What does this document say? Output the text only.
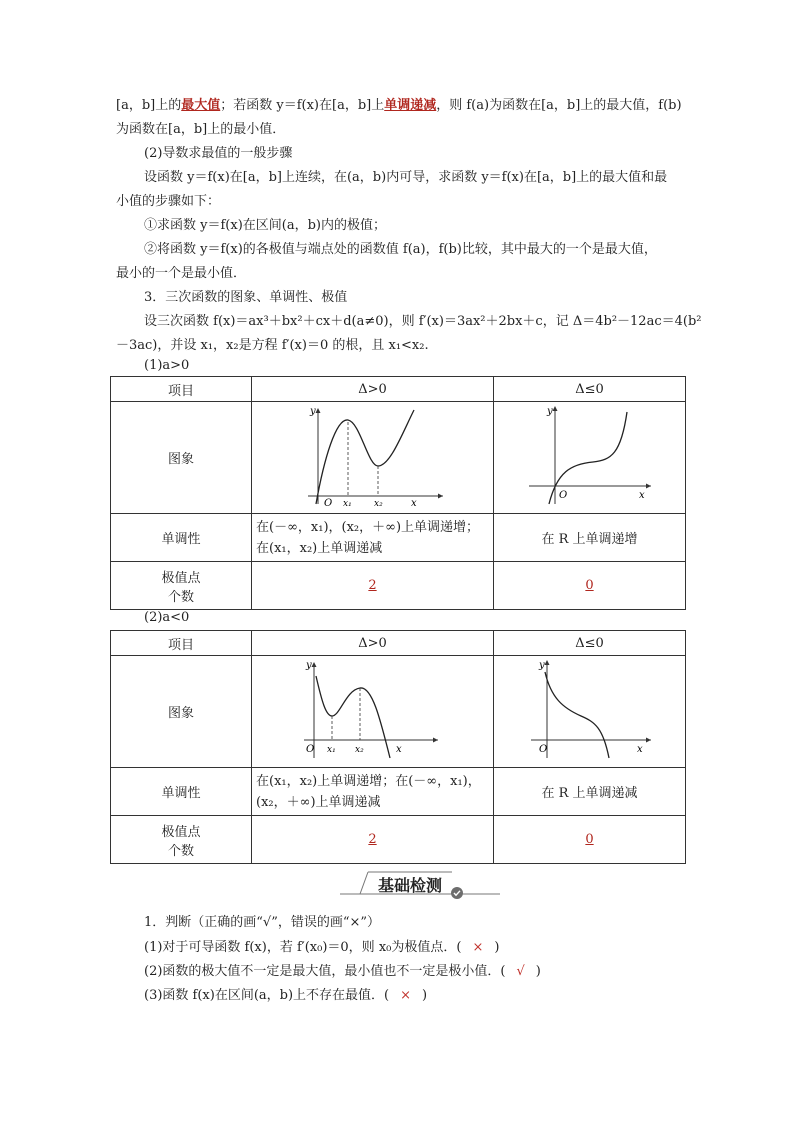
[a，b]上的最大值；若函数 y＝f(x)在[a，b]上单调递减，则 f(a)为函数在[a，b]上的最大值，f(b)
为函数在[a，b]上的最小值．
(2)导数求最值的一般步骤
设函数 y＝f(x)在[a，b]上连续，在(a，b)内可导，求函数 y＝f(x)在[a，b]上的最大值和最
小值的步骤如下：
①求函数 y＝f(x)在区间(a，b)内的极值；
②将函数 y＝f(x)的各极值与端点处的函数值 f(a)，f(b)比较，其中最大的一个是最大值，
最小的一个是最小值．
3．三次函数的图象、单调性、极值
设三次函数 f(x)＝ax³＋bx²＋cx＋d(a≠0)，则 f′(x)＝3ax²＋2bx＋c，记 Δ＝4b²－12ac＝4(b²
－3ac)，并设 x₁，x₂是方程 f′(x)＝0 的根，且 x₁<x₂.
(1)a>0
项目	Δ>0	Δ≤0
图象	y
O x₁ x₂ x	y
O x

单调性	在(－∞，x₁)，(x₂，＋∞)上单调递增；
在(x₁，x₂)上单调递减	在 R 上单调递增

极值点
个数	2	0
(2)a<0
项目	Δ>0	Δ≤0
图象	y
O x₁ x₂ x	y
O x

单调性	在(x₁，x₂)上单调递增；在(－∞，x₁)，
(x₂，＋∞)上单调递减	在 R 上单调递减

极值点
个数	2	0
基础检测
1．判断（正确的画“√”，错误的画“×”）
(1)对于可导函数 f(x)，若 f′(x₀)＝0，则 x₀为极值点．( × )
(2)函数的极大值不一定是最大值，最小值也不一定是极小值．( √ )
(3)函数 f(x)在区间(a，b)上不存在最值．( × )
